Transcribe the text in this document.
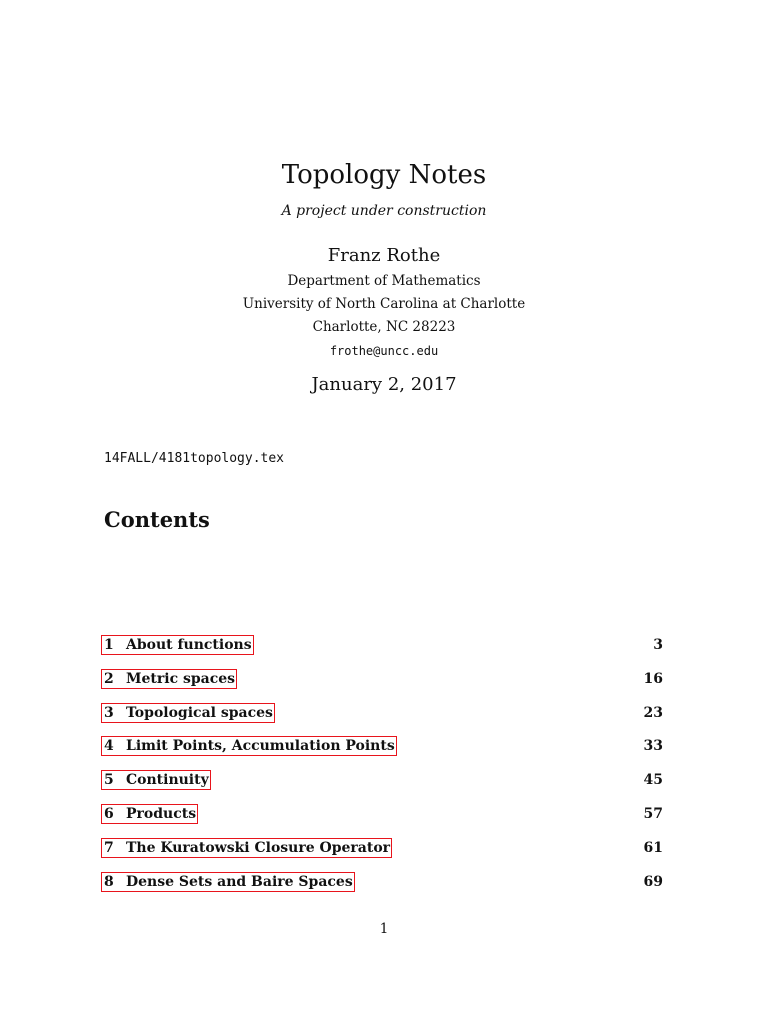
Topology Notes
A project under construction
Franz Rothe
Department of Mathematics
University of North Carolina at Charlotte
Charlotte, NC 28223
frothe@uncc.edu
January 2, 2017
14FALL/4181topology.tex
Contents
1 About functions	3
2 Metric spaces	16
3 Topological spaces	23
4 Limit Points, Accumulation Points	33
5 Continuity	45
6 Products	57
7 The Kuratowski Closure Operator	61
8 Dense Sets and Baire Spaces	69
1
